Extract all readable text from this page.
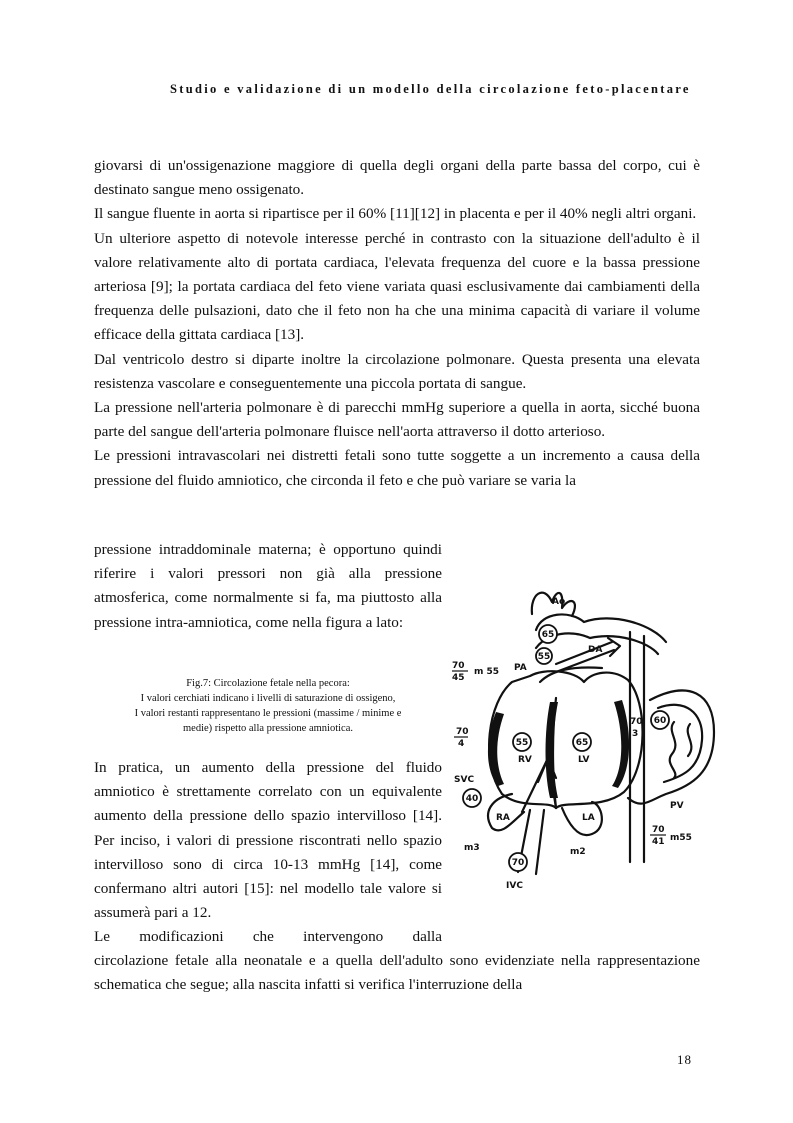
Studio e validazione di un modello della circolazione feto-placentare

giovarsi di un'ossigenazione maggiore di quella degli organi della parte bassa del corpo, cui è destinato sangue meno ossigenato.

Il sangue fluente in aorta si ripartisce per il 60% [11][12] in placenta e per il 40% negli altri organi.

Un ulteriore aspetto di notevole interesse perché in contrasto con la situazione dell'adulto è il valore relativamente alto di portata cardiaca, l'elevata frequenza del cuore e la bassa pressione arteriosa [9]; la portata cardiaca del feto viene variata quasi esclusivamente dai cambiamenti della frequenza delle pulsazioni, dato che il feto non ha che una minima capacità di variare il volume efficace della gittata cardiaca [13].

Dal ventricolo destro si diparte inoltre la circolazione polmonare. Questa presenta una elevata resistenza vascolare e conseguentemente una piccola portata di sangue.

La pressione nell'arteria polmonare è di parecchi mmHg superiore a quella in aorta, sicché buona parte del sangue dell'arteria polmonare fluisce nell'aorta attraverso il dotto arterioso.

Le pressioni intravascolari nei distretti fetali sono tutte soggette a un incremento a causa della pressione del fluido amniotico, che circonda il feto e che può variare se varia la

pressione intraddominale materna; è opportuno quindi riferire i valori pressori non già alla pressione atmosferica, come normalmente si fa, ma piuttosto alla pressione intra-amniotica, come nella figura a lato:
Fig.7: Circolazione fetale nella pecora:
I valori cerchiati indicano i livelli di saturazione di ossigeno,
I valori restanti rappresentano le pressioni (massime / minime e
medie) rispetto alla pressione amniotica.
In pratica, un aumento della pressione del fluido amniotico è strettamente correlato con un equivalente aumento della pressione dello spazio intervilloso [14]. Per inciso, i valori di pressione riscontrati nello spazio intervilloso sono di circa 10-13 mmHg [14], come confermano altri autori [15]: nel modello tale valore si assumerà pari a 12.
Le modificazioni che intervengono dalla
circolazione fetale alla neonatale e a quella dell'adulto sono evidenziate nella rappresentazione schematica che segue; alla nascita infatti si verifica l'interruzione della
65
55
55	65
60
40
70
Ao
DA
PA
70
45
m 55
70
4
RV	LV
70
3
SVC
RA	LA
PV
m3	m2
70
41 m55
IVC
18
